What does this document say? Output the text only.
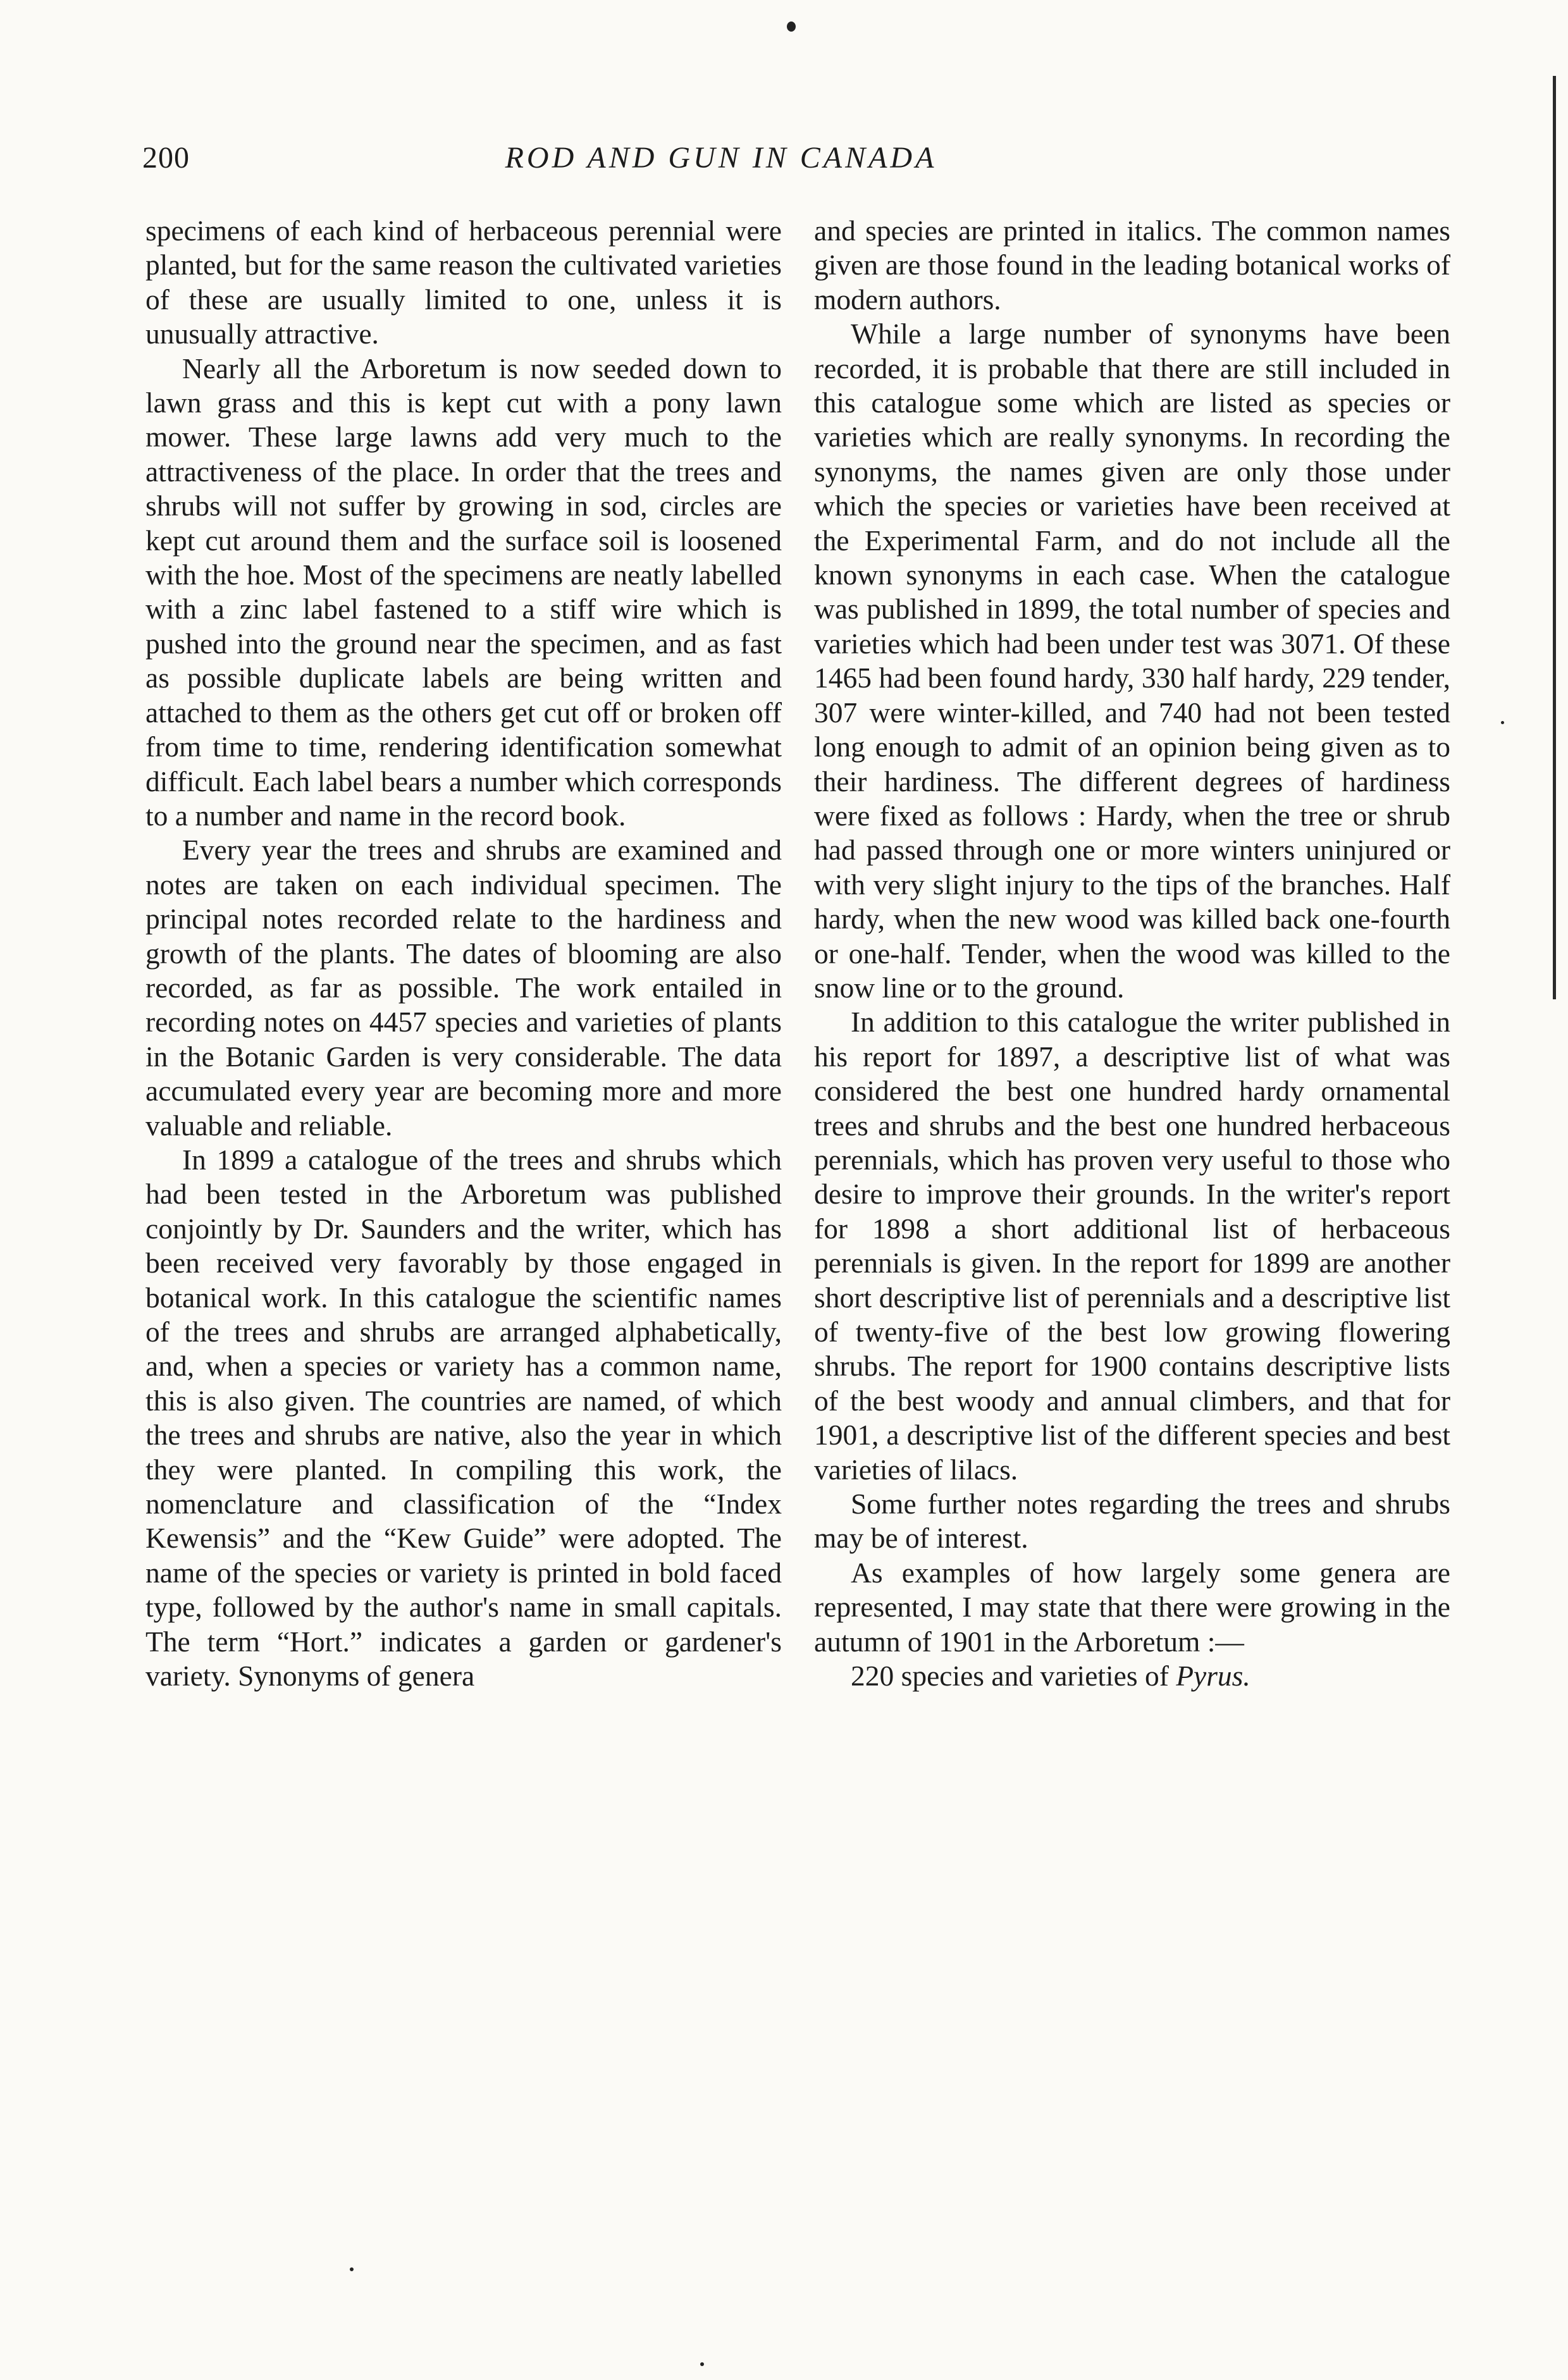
200	ROD AND GUN IN CANADA

specimens of each kind of herbaceous perennial were planted, but for the same reason the cultivated varieties of these are usually limited to one, unless it is unusually attractive.

Nearly all the Arboretum is now seeded down to lawn grass and this is kept cut with a pony lawn mower. These large lawns add very much to the attractiveness of the place. In order that the trees and shrubs will not suffer by growing in sod, circles are kept cut around them and the surface soil is loosened with the hoe. Most of the specimens are neatly labelled with a zinc label fastened to a stiff wire which is pushed into the ground near the specimen, and as fast as possible duplicate labels are being written and attached to them as the others get cut off or broken off from time to time, rendering identification somewhat difficult. Each label bears a number which corresponds to a number and name in the record book.

Every year the trees and shrubs are examined and notes are taken on each individual specimen. The principal notes recorded relate to the hardiness and growth of the plants. The dates of blooming are also recorded, as far as possible. The work entailed in recording notes on 4457 species and varieties of plants in the Botanic Garden is very considerable. The data accumulated every year are becoming more and more valuable and reliable.

In 1899 a catalogue of the trees and shrubs which had been tested in the Arboretum was published conjointly by Dr. Saunders and the writer, which has been received very favorably by those engaged in botanical work. In this catalogue the scientific names of the trees and shrubs are arranged alphabetically, and, when a species or variety has a common name, this is also given. The countries are named, of which the trees and shrubs are native, also the year in which they were planted. In compiling this work, the nomenclature and classification of the “Index Kewensis” and the “Kew Guide” were adopted. The name of the species or variety is printed in bold faced type, followed by the author's name in small capitals. The term “Hort.” indicates a garden or gardener's variety. Synonyms of genera

and species are printed in italics. The common names given are those found in the leading botanical works of modern authors.

While a large number of synonyms have been recorded, it is probable that there are still included in this catalogue some which are listed as species or varieties which are really synonyms. In recording the synonyms, the names given are only those under which the species or varieties have been received at the Experimental Farm, and do not include all the known synonyms in each case. When the catalogue was published in 1899, the total number of species and varieties which had been under test was 3071. Of these 1465 had been found hardy, 330 half hardy, 229 tender, 307 were winter-killed, and 740 had not been tested long enough to admit of an opinion being given as to their hardiness. The different degrees of hardiness were fixed as follows : Hardy, when the tree or shrub had passed through one or more winters uninjured or with very slight injury to the tips of the branches. Half hardy, when the new wood was killed back one-fourth or one-half. Tender, when the wood was killed to the snow line or to the ground.

In addition to this catalogue the writer published in his report for 1897, a descriptive list of what was considered the best one hundred hardy ornamental trees and shrubs and the best one hundred herbaceous perennials, which has proven very useful to those who desire to improve their grounds. In the writer's report for 1898 a short additional list of herbaceous perennials is given. In the report for 1899 are another short descriptive list of perennials and a descriptive list of twenty-five of the best low growing flowering shrubs. The report for 1900 contains descriptive lists of the best woody and annual climbers, and that for 1901, a descriptive list of the different species and best varieties of lilacs.

Some further notes regarding the trees and shrubs may be of interest.

As examples of how largely some genera are represented, I may state that there were growing in the autumn of 1901 in the Arboretum :—

220 species and varieties of Pyrus.
